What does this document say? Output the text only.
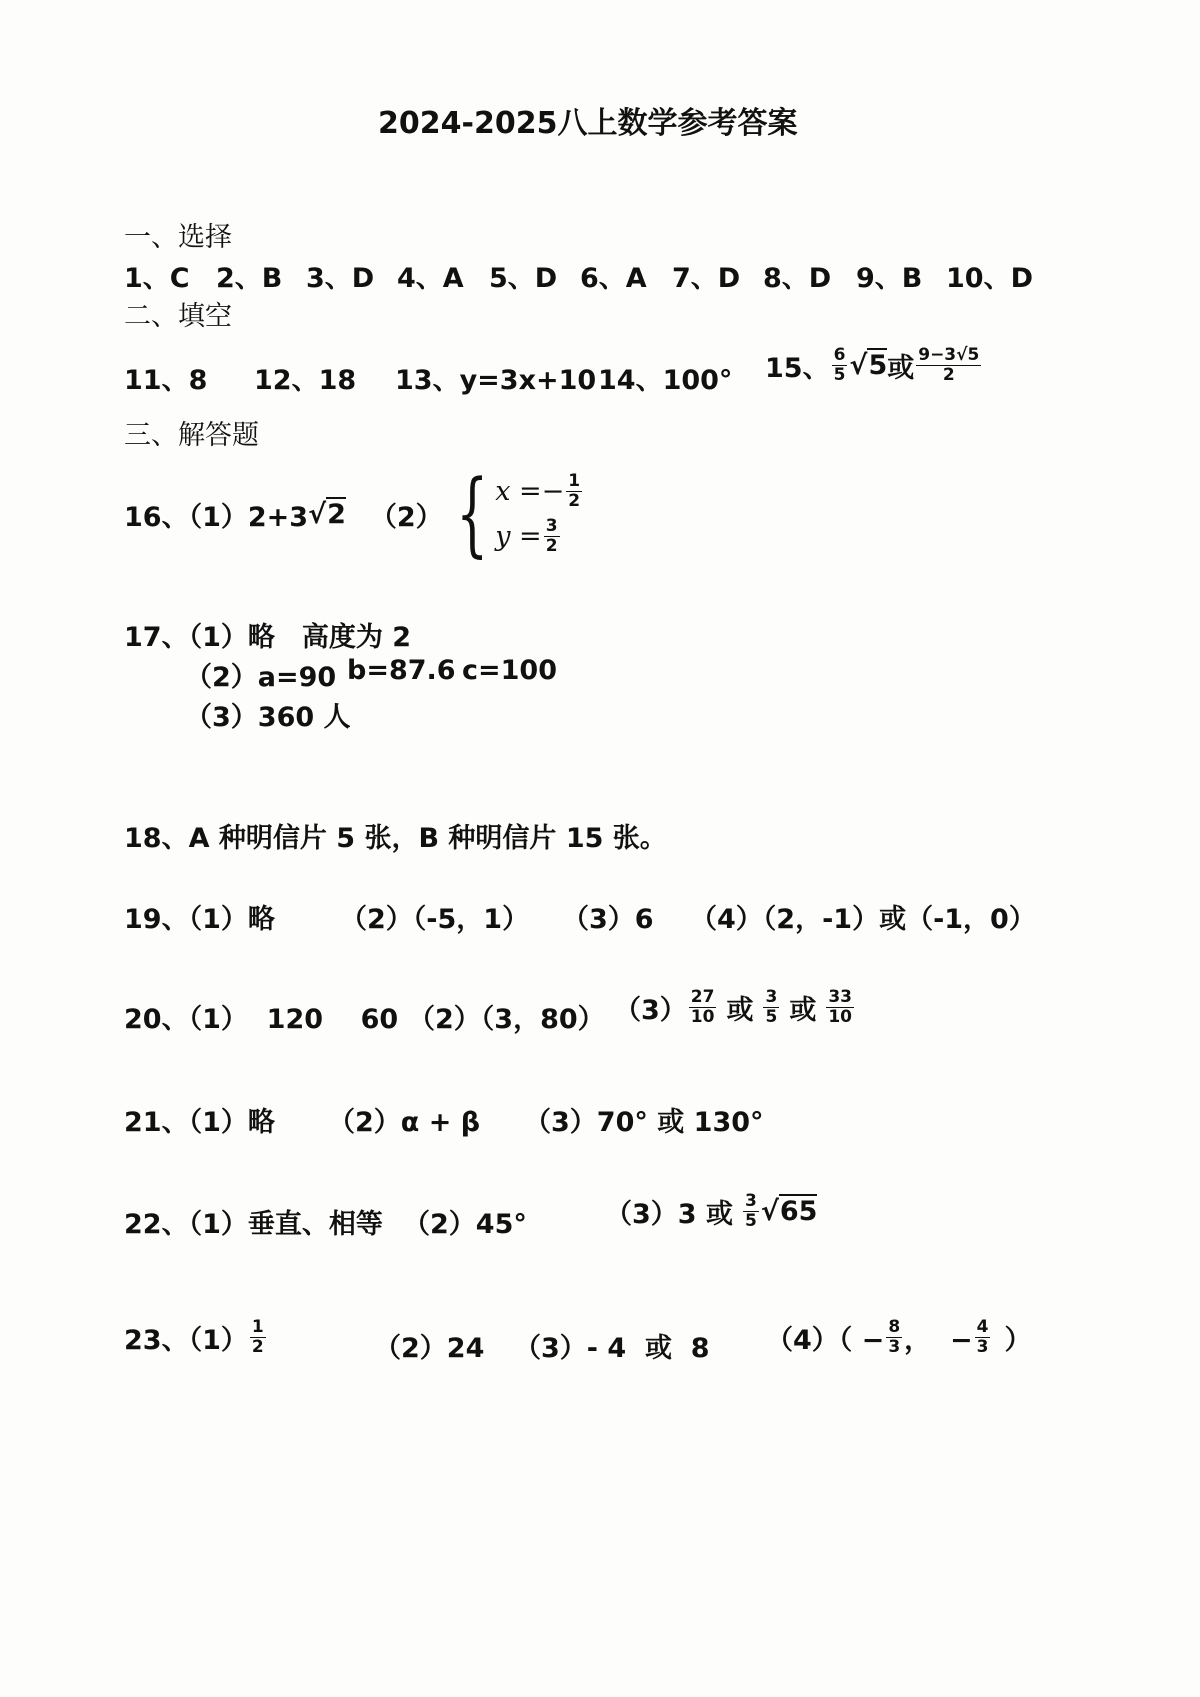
2024-2025八上数学参考答案
一、选择
1、C 2、B 3、D 4、A 5、D 6、A 7、D 8、D 9、B 10、D
二、填空
11、8 12、18 13、y=3x+10 14、100° 15、 $\frac{6}{5} √5$ 或 $\frac{9-3√5}{2}$
三、解答题
16、（1）2+3 √2 （2） { $x =- \frac{1}{2}$
$y = \frac{3}{2}$
17、（1）略　高度为 2
（2）a=90 b=87.6 c=100
（3）360 人
18、A 种明信片 5 张，B 种明信片 15 张。
19、（1）略 （2）（-5，1） （3）6 （4）（2，-1）或（-1，0）
20、（1）  120    60 （2）（3，80） $(3) \frac{27}{10}$ 或 $\frac{3}{5}$ 或 $\frac{33}{10}$
21、（1）略 （2）α + β （3）70° 或 130°
22、（1）垂直、相等 （2）45°	（3）3 或 $\frac{3}{5} √65$
23、$(1) \frac{1}{2}$	（2）24 （3）- 4  或  8 $(4)( - \frac{8}{3}$ ，  − $\frac{4}{3}$ ）
